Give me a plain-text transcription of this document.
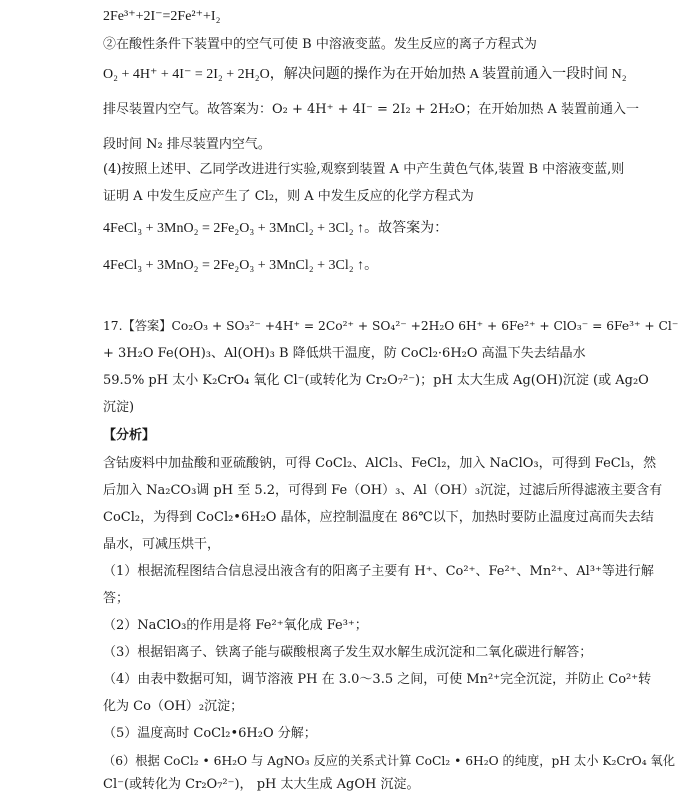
2Fe³⁺+2I⁻=2Fe²⁺+I₂
②在酸性条件下装置中的空气可使 B 中溶液变蓝。发生反应的离子方程式为
O₂ + 4H⁺ + 4I⁻ = 2I₂ + 2H₂O，解决问题的操作为在开始加热 A 装置前通入一段时间 N₂
排尽装置内空气。故答案为：O₂ + 4H⁺ + 4I⁻ = 2I₂ + 2H₂O；在开始加热 A 装置前通入一
段时间 N₂ 排尽装置内空气。
(4)按照上述甲、乙同学改进进行实验,观察到装置 A 中产生黄色气体,装置 B 中溶液变蓝,则
证明 A 中发生反应产生了 Cl₂，则 A 中发生反应的化学方程式为
4FeCl₃ + 3MnO₂ = 2Fe₂O₃ + 3MnCl₂ + 3Cl₂ ↑。故答案为：
4FeCl₃ + 3MnO₂ = 2Fe₂O₃ + 3MnCl₂ + 3Cl₂ ↑。
17.【答案】Co₂O₃ + SO₃²⁻ +4H⁺ = 2Co²⁺ + SO₄²⁻ +2H₂O 6H⁺ + 6Fe²⁺ + ClO₃⁻ = 6Fe³⁺ + Cl⁻
+ 3H₂O Fe(OH)₃、Al(OH)₃ B 降低烘干温度，防 CoCl₂·6H₂O 高温下失去结晶水
59.5% pH 太小 K₂CrO₄ 氧化 Cl⁻(或转化为 Cr₂O₇²⁻)；pH 太大生成 Ag(OH)沉淀 (或 Ag₂O
沉淀)
【分析】
含钴废料中加盐酸和亚硫酸钠，可得 CoCl₂、AlCl₃、FeCl₂，加入 NaClO₃，可得到 FeCl₃，然
后加入 Na₂CO₃调 pH 至 5.2，可得到 Fe（OH）₃、Al（OH）₃沉淀，过滤后所得滤液主要含有
CoCl₂，为得到 CoCl₂•6H₂O 晶体，应控制温度在 86℃以下，加热时要防止温度过高而失去结
晶水，可减压烘干，
（1）根据流程图结合信息浸出液含有的阳离子主要有 H⁺、Co²⁺、Fe²⁺、Mn²⁺、Al³⁺等进行解
答；
（2）NaClO₃的作用是将 Fe²⁺氧化成 Fe³⁺；
（3）根据铝离子、铁离子能与碳酸根离子发生双水解生成沉淀和二氧化碳进行解答；
（4）由表中数据可知，调节溶液 PH 在 3.0～3.5 之间，可使 Mn²⁺完全沉淀，并防止 Co²⁺转
化为 Co（OH）₂沉淀；
（5）温度高时 CoCl₂•6H₂O 分解；
（6）根据 CoCl₂ • 6H₂O 与 AgNO₃ 反应的关系式计算 CoCl₂ • 6H₂O 的纯度，pH 太小 K₂CrO₄ 氧化
Cl⁻(或转化为 Cr₂O₇²⁻)， pH 太大生成 AgOH 沉淀。
